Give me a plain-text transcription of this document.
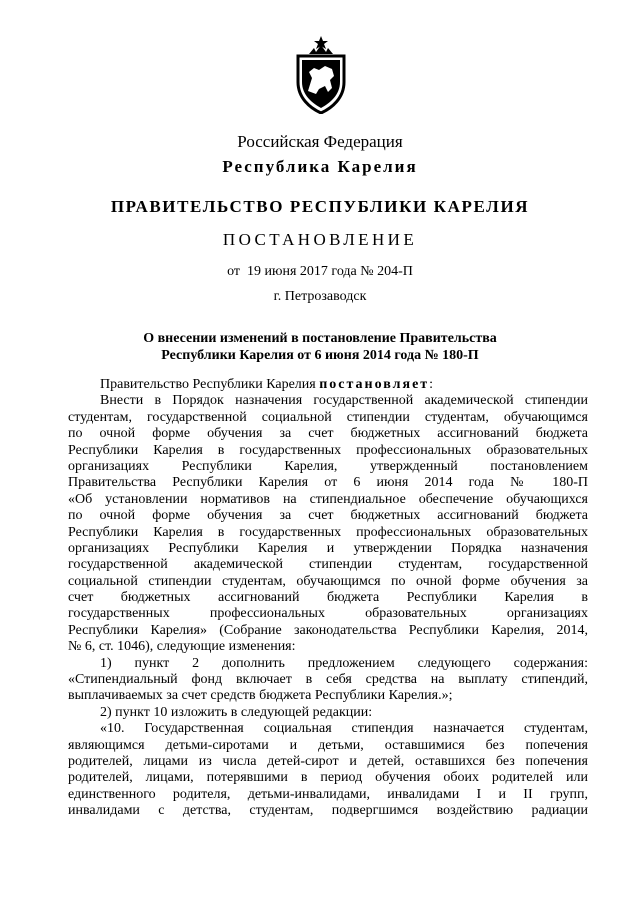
Российская Федерация
Республика Карелия
ПРАВИТЕЛЬСТВО РЕСПУБЛИКИ КАРЕЛИЯ
ПОСТАНОВЛЕНИЕ
от  19 июня 2017 года № 204-П
г. Петрозаводск
О внесении изменений в постановление Правительства
Республики Карелия от 6 июня 2014 года № 180-П
Правительство Республики Карелия постановляет:
Внести в Порядок назначения государственной академической стипендии
студентам, государственной социальной стипендии студентам, обучающимся
по очной форме обучения за счет бюджетных ассигнований бюджета
Республики Карелия в государственных профессиональных образовательных
организациях Республики Карелия, утвержденный постановлением
Правительства Республики Карелия от 6 июня 2014 года № 180-П
«Об установлении нормативов на стипендиальное обеспечение обучающихся
по очной форме обучения за счет бюджетных ассигнований бюджета
Республики Карелия в государственных профессиональных образовательных
организациях Республики Карелия и утверждении Порядка назначения
государственной академической стипендии студентам, государственной
социальной стипендии студентам, обучающимся по очной форме обучения за
счет бюджетных ассигнований бюджета Республики Карелия в
государственных профессиональных образовательных организациях
Республики Карелия» (Собрание законодательства Республики Карелия, 2014,
№ 6, ст. 1046), следующие изменения:
1) пункт 2 дополнить предложением следующего содержания:
«Стипендиальный фонд включает в себя средства на выплату стипендий,
выплачиваемых за счет средств бюджета Республики Карелия.»;
2) пункт 10 изложить в следующей редакции:
«10. Государственная социальная стипендия назначается студентам,
являющимся детьми-сиротами и детьми, оставшимися без попечения
родителей, лицами из числа детей-сирот и детей, оставшихся без попечения
родителей, лицами, потерявшими в период обучения обоих родителей или
единственного родителя, детьми-инвалидами, инвалидами I и II групп,
инвалидами с детства, студентам, подвергшимся воздействию радиации
